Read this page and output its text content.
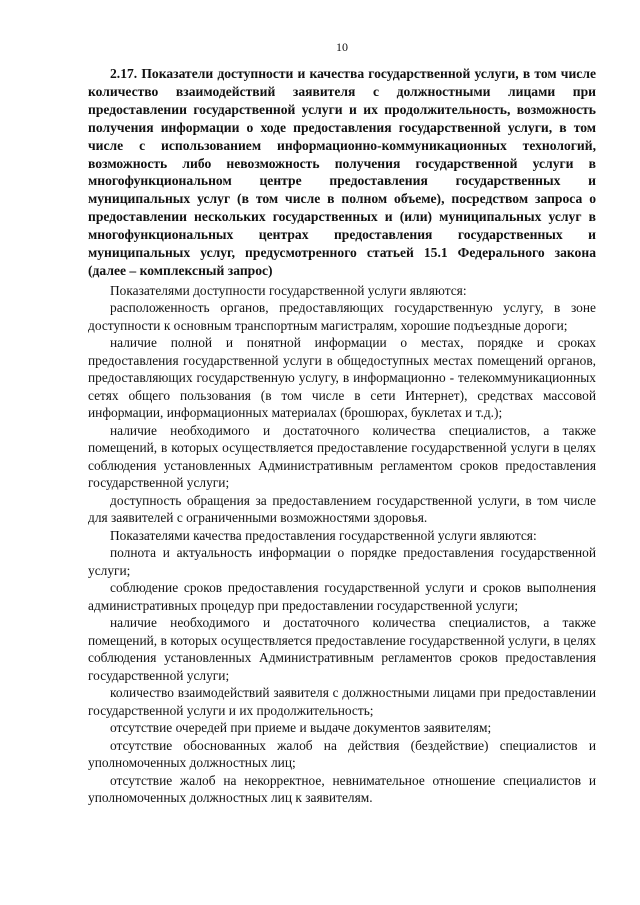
10
2.17. Показатели доступности и качества государственной услуги, в том числе количество взаимодействий заявителя с должностными лицами при предоставлении государственной услуги и их продолжительность, возможность получения информации о ходе предоставления государственной услуги, в том числе с использованием информационно-коммуникационных технологий, возможность либо невозможность получения государственной услуги в многофункциональном центре предоставления государственных и муниципальных услуг (в том числе в полном объеме), посредством запроса о предоставлении нескольких государственных и (или) муниципальных услуг в многофункциональных центрах предоставления государственных и муниципальных услуг, предусмотренного статьей 15.1 Федерального закона (далее – комплексный запрос)

Показателями доступности государственной услуги являются:

расположенность органов, предоставляющих государственную услугу, в зоне доступности к основным транспортным магистралям, хорошие подъездные дороги;

наличие полной и понятной информации о местах, порядке и сроках предоставления государственной услуги в общедоступных местах помещений органов, предоставляющих государственную услугу, в информационно - телекоммуникационных сетях общего пользования (в том числе в сети Интернет), средствах массовой информации, информационных материалах (брошюрах, буклетах и т.д.);

наличие необходимого и достаточного количества специалистов, а также помещений, в которых осуществляется предоставление государственной услуги в целях соблюдения установленных Административным регламентом сроков предоставления государственной услуги;

доступность обращения за предоставлением государственной услуги, в том числе для заявителей с ограниченными возможностями здоровья.

Показателями качества предоставления государственной услуги являются:

полнота и актуальность информации о порядке предоставления государственной услуги;

соблюдение сроков предоставления государственной услуги и сроков выполнения административных процедур при предоставлении государственной услуги;

наличие необходимого и достаточного количества специалистов, а также помещений, в которых осуществляется предоставление государственной услуги, в целях соблюдения установленных Административным регламентов сроков предоставления государственной услуги;

количество взаимодействий заявителя с должностными лицами при предоставлении государственной услуги и их продолжительность;

отсутствие очередей при приеме и выдаче документов заявителям;

отсутствие обоснованных жалоб на действия (бездействие) специалистов и уполномоченных должностных лиц;

отсутствие жалоб на некорректное, невнимательное отношение специалистов и уполномоченных должностных лиц к заявителям.
